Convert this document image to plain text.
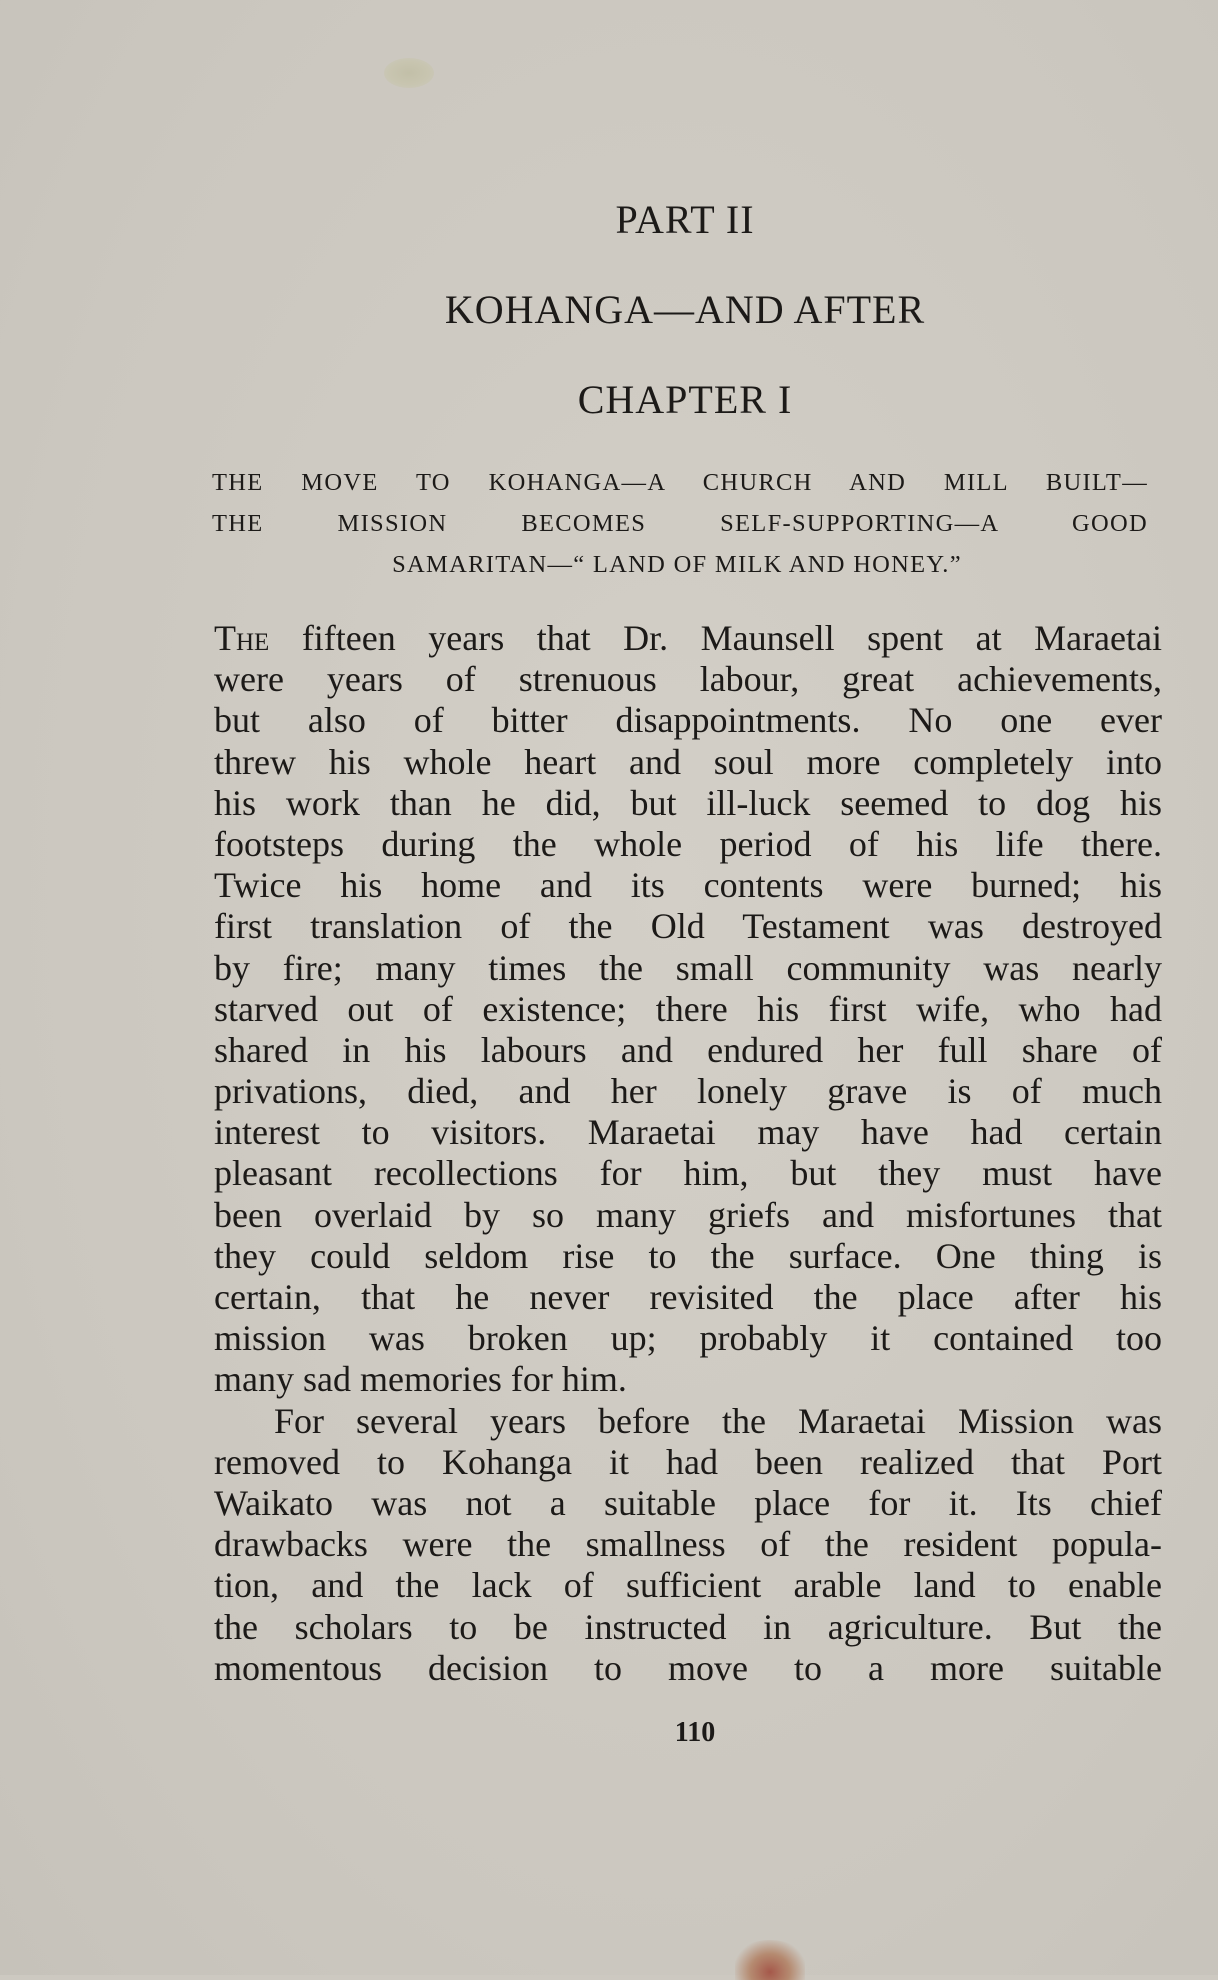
PART II
KOHANGA—AND AFTER
CHAPTER I
THE MOVE TO KOHANGA—A CHURCH AND MILL BUILT—
THE MISSION BECOMES SELF-SUPPORTING—A GOOD
SAMARITAN—“ LAND OF MILK AND HONEY.”
The fifteen years that Dr. Maunsell spent at Maraetai
were years of strenuous labour, great achievements,
but also of bitter disappointments. No one ever
threw his whole heart and soul more completely into
his work than he did, but ill-luck seemed to dog his
footsteps during the whole period of his life there.
Twice his home and its contents were burned; his
first translation of the Old Testament was destroyed
by fire; many times the small community was nearly
starved out of existence; there his first wife, who had
shared in his labours and endured her full share of
privations, died, and her lonely grave is of much
interest to visitors. Maraetai may have had certain
pleasant recollections for him, but they must have
been overlaid by so many griefs and misfortunes that
they could seldom rise to the surface. One thing is
certain, that he never revisited the place after his
mission was broken up; probably it contained too
many sad memories for him.
For several years before the Maraetai Mission was
removed to Kohanga it had been realized that Port
Waikato was not a suitable place for it. Its chief
drawbacks were the smallness of the resident popula-
tion, and the lack of sufficient arable land to enable
the scholars to be instructed in agriculture. But the
momentous decision to move to a more suitable
110
